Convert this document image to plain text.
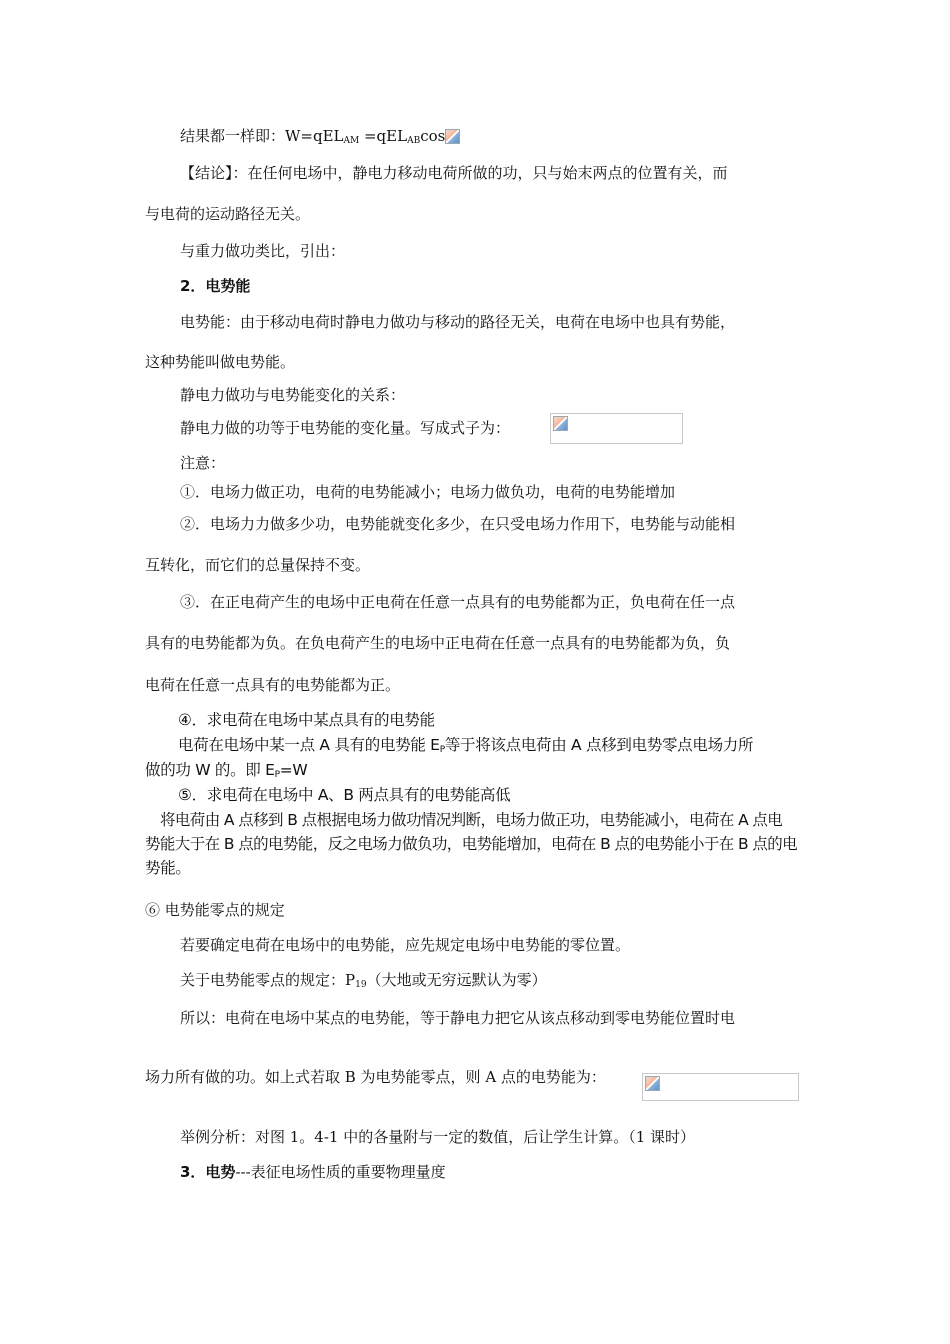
结果都一样即：W=qEL$_{AM}$ =qEL$_{AB}$cos
【结论】：在任何电场中，静电力移动电荷所做的功，只与始末两点的位置有关，而
与电荷的运动路径无关。
与重力做功类比，引出：
2．电势能
电势能：由于移动电荷时静电力做功与移动的路径无关，电荷在电场中也具有势能，
这种势能叫做电势能。
静电力做功与电势能变化的关系：
静电力做的功等于电势能的变化量。写成式子为：
注意：
①．电场力做正功，电荷的电势能减小；电场力做负功，电荷的电势能增加
②．电场力力做多少功，电势能就变化多少，在只受电场力作用下，电势能与动能相
互转化，而它们的总量保持不变。
③．在正电荷产生的电场中正电荷在任意一点具有的电势能都为正，负电荷在任一点
具有的电势能都为负。在负电荷产生的电场中正电荷在任意一点具有的电势能都为负，负
电荷在任意一点具有的电势能都为正。
④．求电荷在电场中某点具有的电势能
电荷在电场中某一点 A 具有的电势能 $E_P$等于将该点电荷由 A 点移到电势零点电场力所
做的功 W 的。即 $E_P=W$
⑤．求电荷在电场中 A、B 两点具有的电势能高低
将电荷由 A 点移到 B 点根据电场力做功情况判断，电场力做正功，电势能减小，电荷在 A 点电
势能大于在 B 点的电势能，反之电场力做负功，电势能增加，电荷在 B 点的电势能小于在 B 点的电
势能。
⑥ 电势能零点的规定
若要确定电荷在电场中的电势能，应先规定电场中电势能的零位置。
关于电势能零点的规定：$P_{19}$（大地或无穷远默认为零）
所以：电荷在电场中某点的电势能，等于静电力把它从该点移动到零电势能位置时电
场力所有做的功。如上式若取 B 为电势能零点，则 A 点的电势能为：
举例分析：对图 1。4-1 中的各量附与一定的数值，后让学生计算。（1 课时）
3．电势---表征电场性质的重要物理量度
